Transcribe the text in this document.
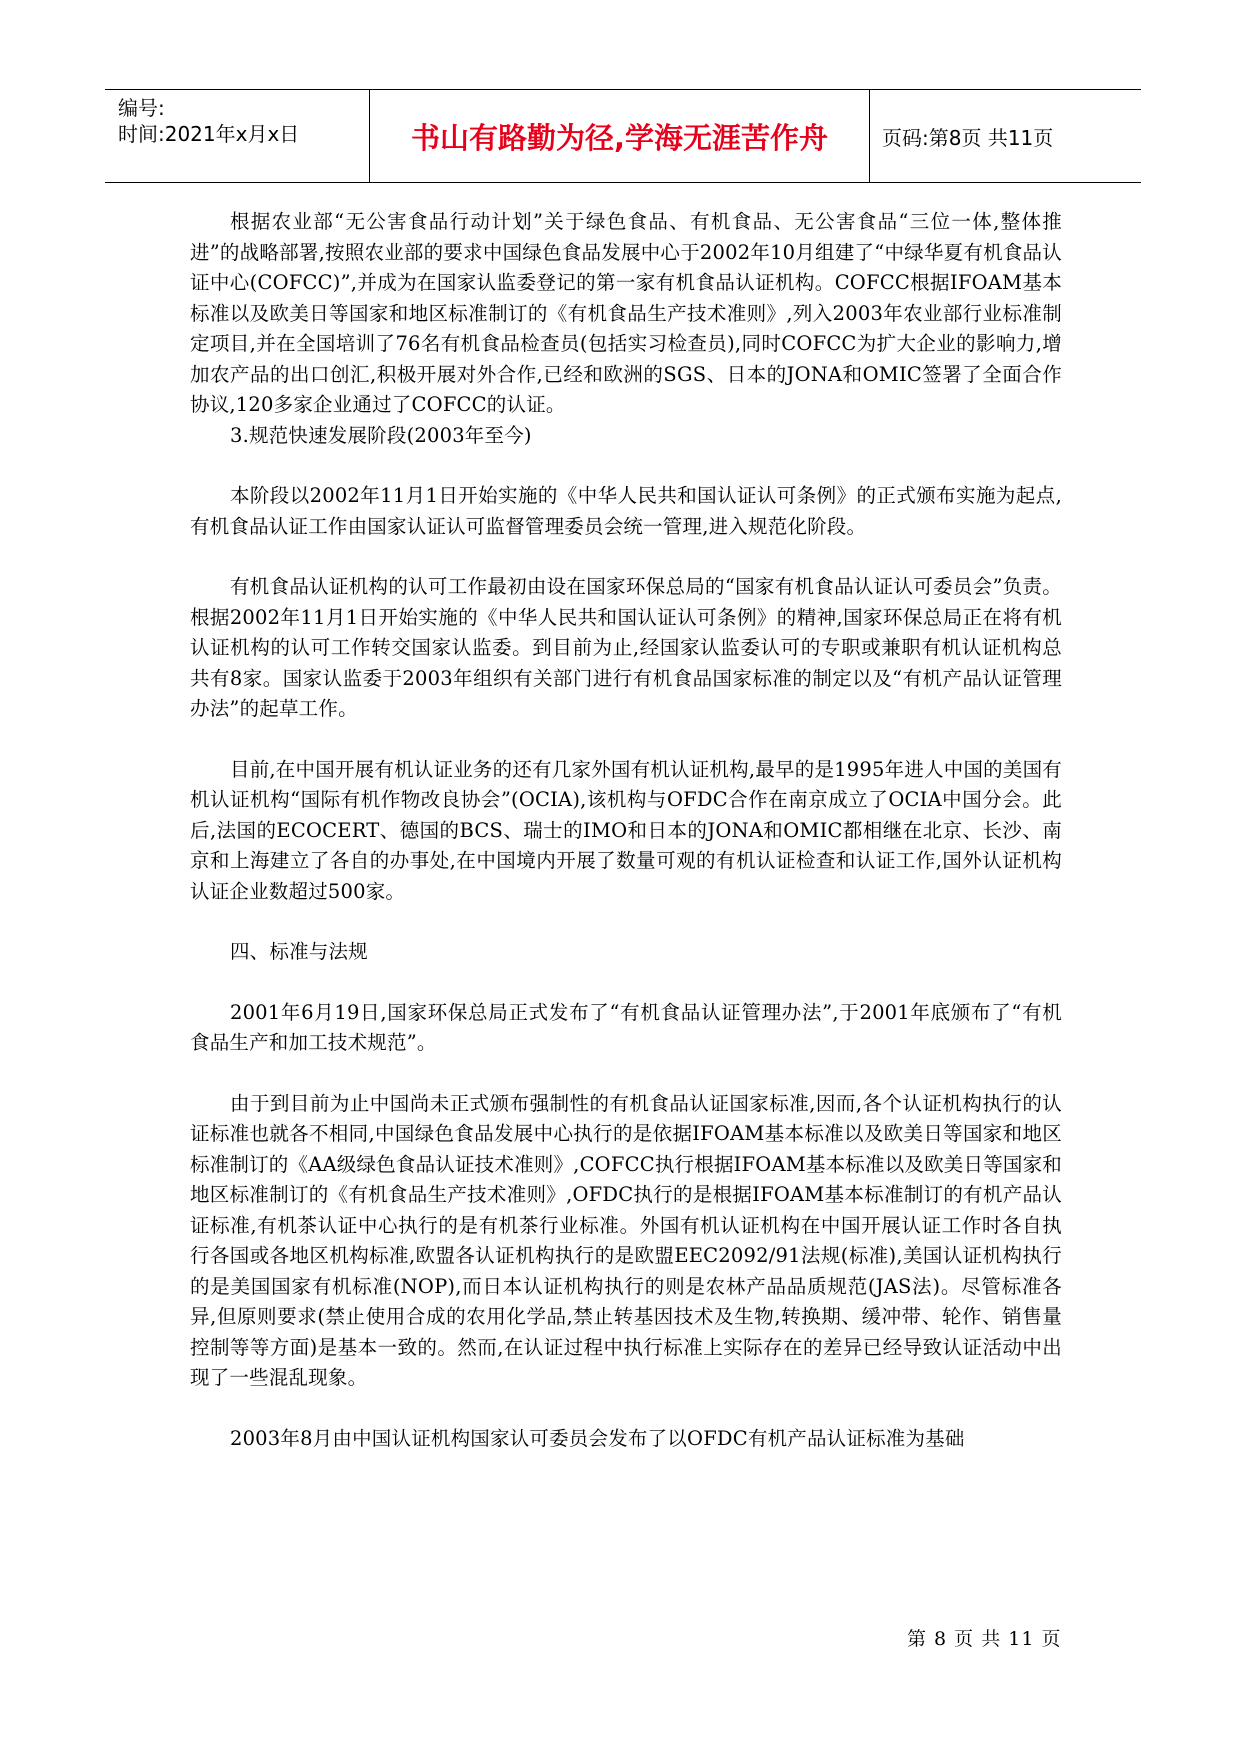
编号:
时间:2021年x月x日	书山有路勤为径,学海无涯苦作舟	页码:第8页 共11页

根据农业部“无公害食品行动计划”关于绿色食品、有机食品、无公害食品“三位一体,整体推进”的战略部署,按照农业部的要求中国绿色食品发展中心于2002年10月组建了“中绿华夏有机食品认证中心(COFCC)”,并成为在国家认监委登记的第一家有机食品认证机构。COFCC根据IFOAM基本标准以及欧美日等国家和地区标准制订的《有机食品生产技术准则》,列入2003年农业部行业标准制定项目,并在全国培训了76名有机食品检查员(包括实习检查员),同时COFCC为扩大企业的影响力,增加农产品的出口创汇,积极开展对外合作,已经和欧洲的SGS、日本的JONA和OMIC签署了全面合作协议,120多家企业通过了COFCC的认证。

3.规范快速发展阶段(2003年至今)

本阶段以2002年11月1日开始实施的《中华人民共和国认证认可条例》的正式颁布实施为起点,有机食品认证工作由国家认证认可监督管理委员会统一管理,进入规范化阶段。

有机食品认证机构的认可工作最初由设在国家环保总局的“国家有机食品认证认可委员会”负责。根据2002年11月1日开始实施的《中华人民共和国认证认可条例》的精神,国家环保总局正在将有机认证机构的认可工作转交国家认监委。到目前为止,经国家认监委认可的专职或兼职有机认证机构总共有8家。国家认监委于2003年组织有关部门进行有机食品国家标准的制定以及“有机产品认证管理办法”的起草工作。

目前,在中国开展有机认证业务的还有几家外国有机认证机构,最早的是1995年进人中国的美国有机认证机构“国际有机作物改良协会”(OCIA),该机构与OFDC合作在南京成立了OCIA中国分会。此后,法国的ECOCERT、德国的BCS、瑞士的IMO和日本的JONA和OMIC都相继在北京、长沙、南京和上海建立了各自的办事处,在中国境内开展了数量可观的有机认证检查和认证工作,国外认证机构认证企业数超过500家。

四、标准与法规

2001年6月19日,国家环保总局正式发布了“有机食品认证管理办法”,于2001年底颁布了“有机食品生产和加工技术规范”。

由于到目前为止中国尚未正式颁布强制性的有机食品认证国家标准,因而,各个认证机构执行的认证标准也就各不相同,中国绿色食品发展中心执行的是依据IFOAM基本标准以及欧美日等国家和地区标准制订的《AA级绿色食品认证技术准则》,COFCC执行根据IFOAM基本标准以及欧美日等国家和地区标准制订的《有机食品生产技术准则》,OFDC执行的是根据IFOAM基本标准制订的有机产品认证标准,有机茶认证中心执行的是有机茶行业标准。外国有机认证机构在中国开展认证工作时各自执行各国或各地区机构标准,欧盟各认证机构执行的是欧盟EEC2092/91法规(标准),美国认证机构执行的是美国国家有机标准(NOP),而日本认证机构执行的则是农林产品品质规范(JAS法)。尽管标准各异,但原则要求(禁止使用合成的农用化学品,禁止转基因技术及生物,转换期、缓冲带、轮作、销售量控制等等方面)是基本一致的。然而,在认证过程中执行标准上实际存在的差异已经导致认证活动中出现了一些混乱现象。

2003年8月由中国认证机构国家认可委员会发布了以OFDC有机产品认证标准为基础

第 8 页 共 11 页
